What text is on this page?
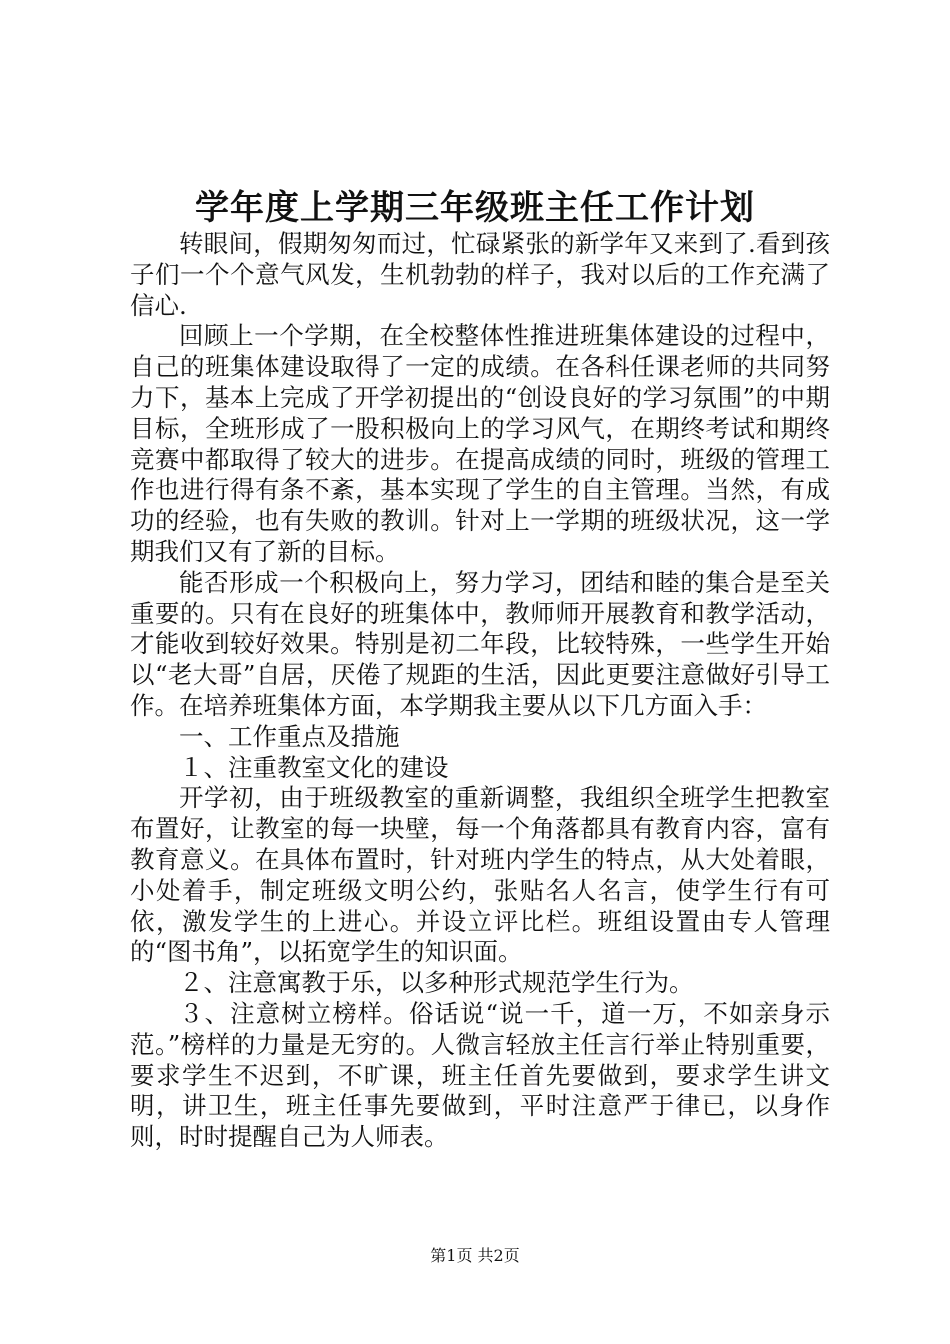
学年度上学期三年级班主任工作计划

转眼间，假期匆匆而过，忙碌紧张的新学年又来到了.看到孩子们一个个意气风发，生机勃勃的样子，我对以后的工作充满了信心.

回顾上一个学期，在全校整体性推进班集体建设的过程中，自己的班集体建设取得了一定的成绩。在各科任课老师的共同努力下，基本上完成了开学初提出的“创设良好的学习氛围”的中期目标，全班形成了一股积极向上的学习风气，在期终考试和期终竞赛中都取得了较大的进步。在提高成绩的同时，班级的管理工作也进行得有条不紊，基本实现了学生的自主管理。当然，有成功的经验，也有失败的教训。针对上一学期的班级状况，这一学期我们又有了新的目标。

能否形成一个积极向上，努力学习，团结和睦的集合是至关重要的。只有在良好的班集体中，教师师开展教育和教学活动，才能收到较好效果。特别是初二年段，比较特殊，一些学生开始以“老大哥”自居，厌倦了规距的生活，因此更要注意做好引导工作。在培养班集体方面，本学期我主要从以下几方面入手：

一、工作重点及措施

１、注重教室文化的建设

开学初，由于班级教室的重新调整，我组织全班学生把教室布置好，让教室的每一块壁，每一个角落都具有教育内容，富有教育意义。在具体布置时，针对班内学生的特点，从大处着眼，小处着手，制定班级文明公约，张贴名人名言，使学生行有可依，激发学生的上进心。并设立评比栏。班组设置由专人管理的“图书角”，以拓宽学生的知识面。

２、注意寓教于乐，以多种形式规范学生行为。

３、注意树立榜样。俗话说“说一千，道一万，不如亲身示范。”榜样的力量是无穷的。人微言轻放主任言行举止特别重要，要求学生不迟到，不旷课，班主任首先要做到，要求学生讲文明，讲卫生，班主任事先要做到，平时注意严于律已，以身作则，时时提醒自己为人师表。

第1页 共2页
